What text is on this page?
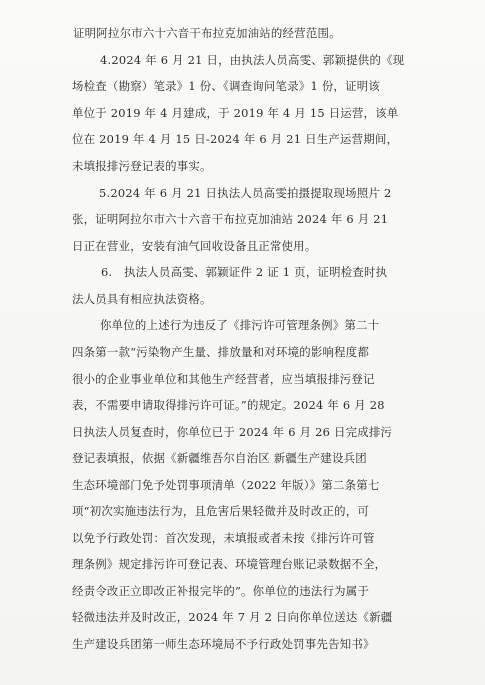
证明阿拉尔市六十六音干布拉克加油站的经营范围。
4.2024 年 6 月 21 日，由执法人员高雯、郭颖提供的《现
场检查（勘察）笔录》1 份、《调查询问笔录》1 份，证明该
单位于 2019 年 4 月建成，于 2019 年 4 月 15 日运营，该单
位在 2019 年 4 月 15 日-2024 年 6 月 21 日生产运营期间，
未填报排污登记表的事实。
5.2024 年 6 月 21 日执法人员高雯拍摄提取现场照片 2
张，证明阿拉尔市六十六音干布拉克加油站 2024 年 6 月 21
日正在营业，安装有油气回收设备且正常使用。
6.　执法人员高雯、郭颖证件 2 证 1 页，证明检查时执
法人员具有相应执法资格。
你单位的上述行为违反了《排污许可管理条例》第二十
四条第一款“污染物产生量、排放量和对环境的影响程度都
很小的企业事业单位和其他生产经营者，应当填报排污登记
表，不需要申请取得排污许可证。”的规定。2024 年 6 月 28
日执法人员复查时，你单位已于 2024 年 6 月 26 日完成排污
登记表填报，依据《新疆维吾尔自治区 新疆生产建设兵团
生态环境部门免予处罚事项清单（2022 年版）》第二条第七
项“初次实施违法行为，且危害后果轻微并及时改正的，可
以免予行政处罚：首次发现，未填报或者未按《排污许可管
理条例》规定排污许可登记表、环境管理台账记录数据不全，
经责令改正立即改正补报完毕的”。你单位的违法行为属于
轻微违法并及时改正，2024 年 7 月 2 日向你单位送达《新疆
生产建设兵团第一师生态环境局不予行政处罚事先告知书》
